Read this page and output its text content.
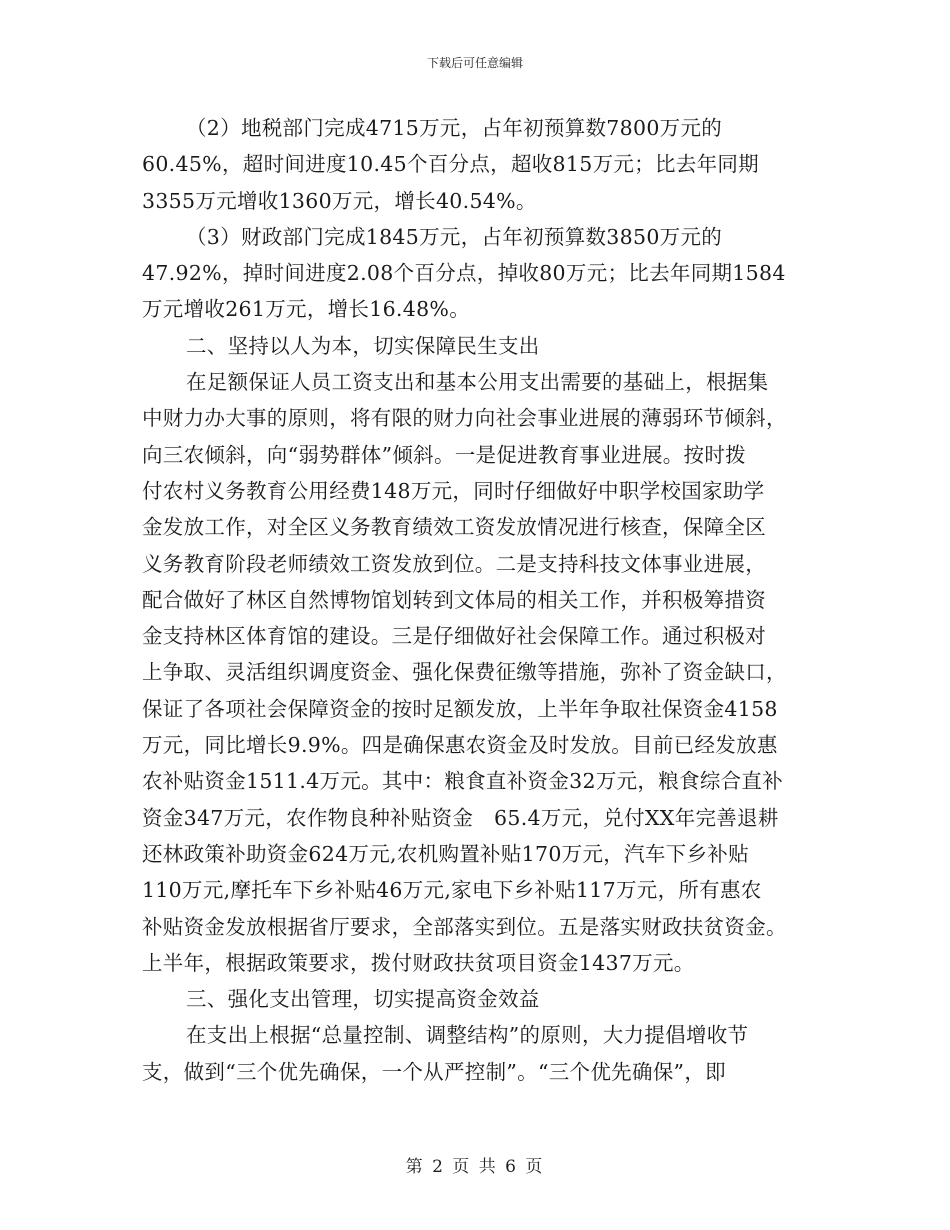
下载后可任意编辑

（2）地税部门完成4715万元，占年初预算数7800万元的
60.45%，超时间进度10.45个百分点，超收815万元；比去年同期
3355万元增收1360万元，增长40.54%。
（3）财政部门完成1845万元，占年初预算数3850万元的
47.92%，掉时间进度2.08个百分点，掉收80万元；比去年同期1584
万元增收261万元，增长16.48%。
二、坚持以人为本，切实保障民生支出
在足额保证人员工资支出和基本公用支出需要的基础上，根据集
中财力办大事的原则，将有限的财力向社会事业进展的薄弱环节倾斜，
向三农倾斜，向“弱势群体”倾斜。一是促进教育事业进展。按时拨
付农村义务教育公用经费148万元，同时仔细做好中职学校国家助学
金发放工作，对全区义务教育绩效工资发放情况进行核查，保障全区
义务教育阶段老师绩效工资发放到位。二是支持科技文体事业进展，
配合做好了林区自然博物馆划转到文体局的相关工作，并积极筹措资
金支持林区体育馆的建设。三是仔细做好社会保障工作。通过积极对
上争取、灵活组织调度资金、强化保费征缴等措施，弥补了资金缺口，
保证了各项社会保障资金的按时足额发放，上半年争取社保资金4158
万元，同比增长9.9%。四是确保惠农资金及时发放。目前已经发放惠
农补贴资金1511.4万元。其中：粮食直补资金32万元，粮食综合直补
资金347万元，农作物良种补贴资金　65.4万元，兑付XX年完善退耕
还林政策补助资金624万元,农机购置补贴170万元，汽车下乡补贴
110万元,摩托车下乡补贴46万元,家电下乡补贴117万元，所有惠农
补贴资金发放根据省厅要求，全部落实到位。五是落实财政扶贫资金。
上半年，根据政策要求，拨付财政扶贫项目资金1437万元。
三、强化支出管理，切实提高资金效益
在支出上根据“总量控制、调整结构”的原则，大力提倡增收节
支，做到“三个优先确保，一个从严控制”。“三个优先确保”，即

第 2 页 共 6 页
